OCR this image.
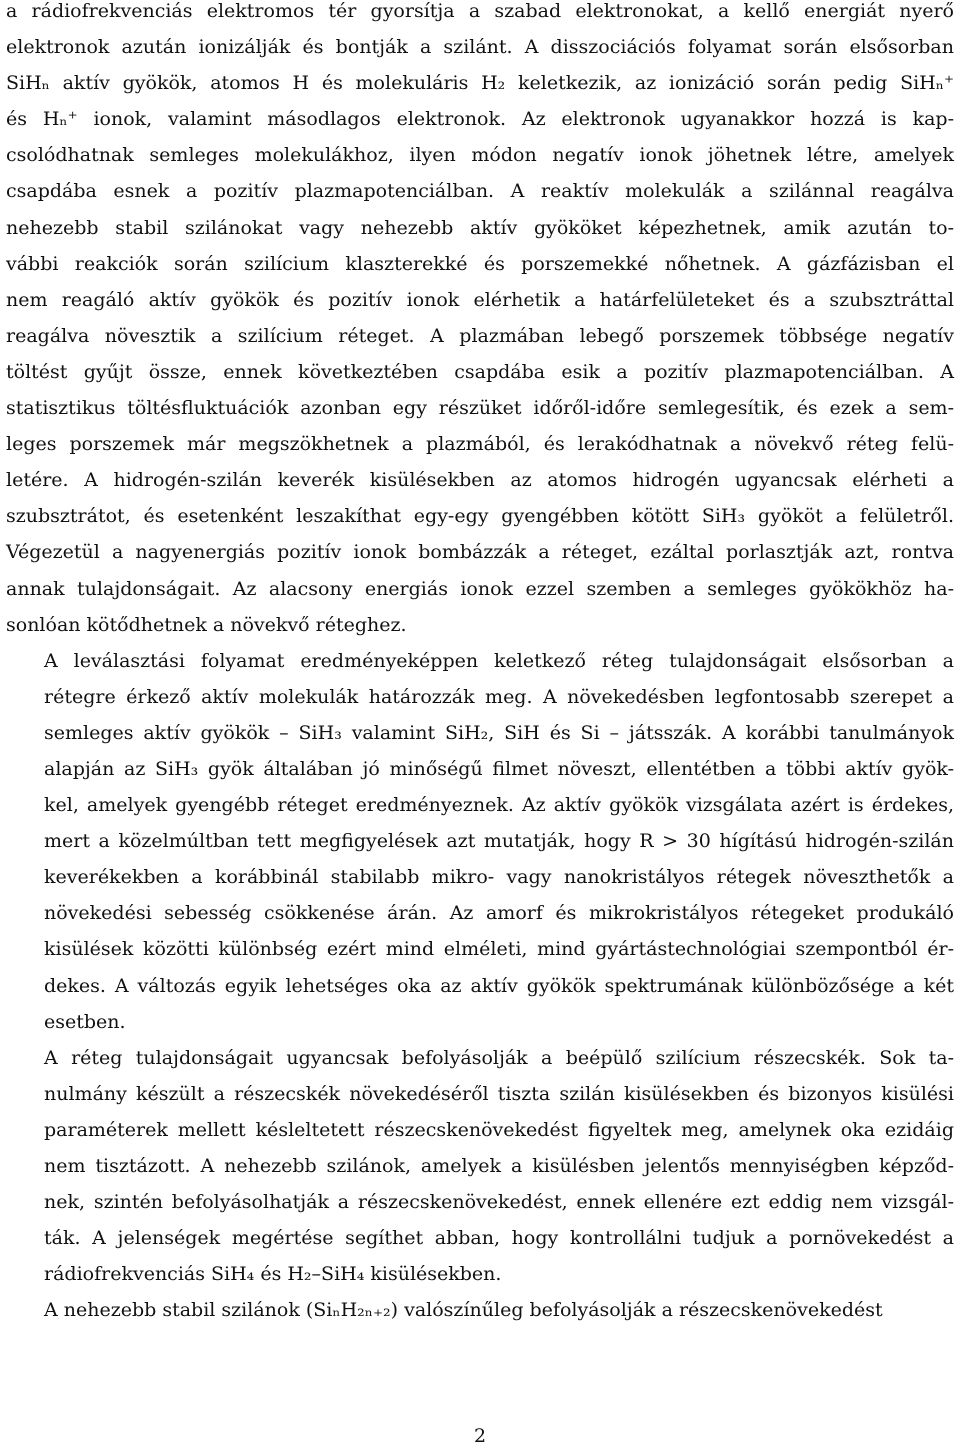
a rádiofrekvenciás elektromos tér gyorsítja a szabad elektronokat, a kellő energiát nyerő
elektronok azután ionizálják és bontják a szilánt. A disszociációs folyamat során elsősorban
SiHₙ aktív gyökök, atomos H és molekuláris H₂ keletkezik, az ionizáció során pedig SiHₙ⁺
és Hₙ⁺ ionok, valamint másodlagos elektronok. Az elektronok ugyanakkor hozzá is kap-
csolódhatnak semleges molekulákhoz, ilyen módon negatív ionok jöhetnek létre, amelyek
csapdába esnek a pozitív plazmapotenciálban. A reaktív molekulák a szilánnal reagálva
nehezebb stabil szilánokat vagy nehezebb aktív gyököket képezhetnek, amik azután to-
vábbi reakciók során szilícium klaszterekké és porszemekké nőhetnek. A gázfázisban el
nem reagáló aktív gyökök és pozitív ionok elérhetik a határfelületeket és a szubsztráttal
reagálva növesztik a szilícium réteget. A plazmában lebegő porszemek többsége negatív
töltést gyűjt össze, ennek következtében csapdába esik a pozitív plazmapotenciálban. A
statisztikus töltésfluktuációk azonban egy részüket időről-időre semlegesítik, és ezek a sem-
leges porszemek már megszökhetnek a plazmából, és lerakódhatnak a növekvő réteg felü-
letére. A hidrogén-szilán keverék kisülésekben az atomos hidrogén ugyancsak elérheti a
szubsztrátot, és esetenként leszakíthat egy-egy gyengébben kötött SiH₃ gyököt a felületről.
Végezetül a nagyenergiás pozitív ionok bombázzák a réteget, ezáltal porlasztják azt, rontva
annak tulajdonságait. Az alacsony energiás ionok ezzel szemben a semleges gyökökhöz ha-
sonlóan kötődhetnek a növekvő réteghez.

A leválasztási folyamat eredményeképpen keletkező réteg tulajdonságait elsősorban a
rétegre érkező aktív molekulák határozzák meg. A növekedésben legfontosabb szerepet a
semleges aktív gyökök – SiH₃ valamint SiH₂, SiH és Si – játsszák. A korábbi tanulmányok
alapján az SiH₃ gyök általában jó minőségű filmet növeszt, ellentétben a többi aktív gyök-
kel, amelyek gyengébb réteget eredményeznek. Az aktív gyökök vizsgálata azért is érdekes,
mert a közelmúltban tett megfigyelések azt mutatják, hogy R > 30 hígítású hidrogén-szilán
keverékekben a korábbinál stabilabb mikro- vagy nanokristályos rétegek növeszthetők a
növekedési sebesség csökkenése árán. Az amorf és mikrokristályos rétegeket produkáló
kisülések közötti különbség ezért mind elméleti, mind gyártástechnológiai szempontból ér-
dekes. A változás egyik lehetséges oka az aktív gyökök spektrumának különbözősége a két
esetben.

A réteg tulajdonságait ugyancsak befolyásolják a beépülő szilícium részecskék. Sok ta-
nulmány készült a részecskék növekedéséről tiszta szilán kisülésekben és bizonyos kisülési
paraméterek mellett késleltetett részecskenövekedést figyeltek meg, amelynek oka ezidáig
nem tisztázott. A nehezebb szilánok, amelyek a kisülésben jelentős mennyiségben képződ-
nek, szintén befolyásolhatják a részecskenövekedést, ennek ellenére ezt eddig nem vizsgál-
ták. A jelenségek megértése segíthet abban, hogy kontrollálni tudjuk a pornövekedést a
rádiofrekvenciás SiH₄ és H₂–SiH₄ kisülésekben.

A nehezebb stabil szilánok (SiₙH₂ₙ₊₂) valószínűleg befolyásolják a részecskenövekedést

2
